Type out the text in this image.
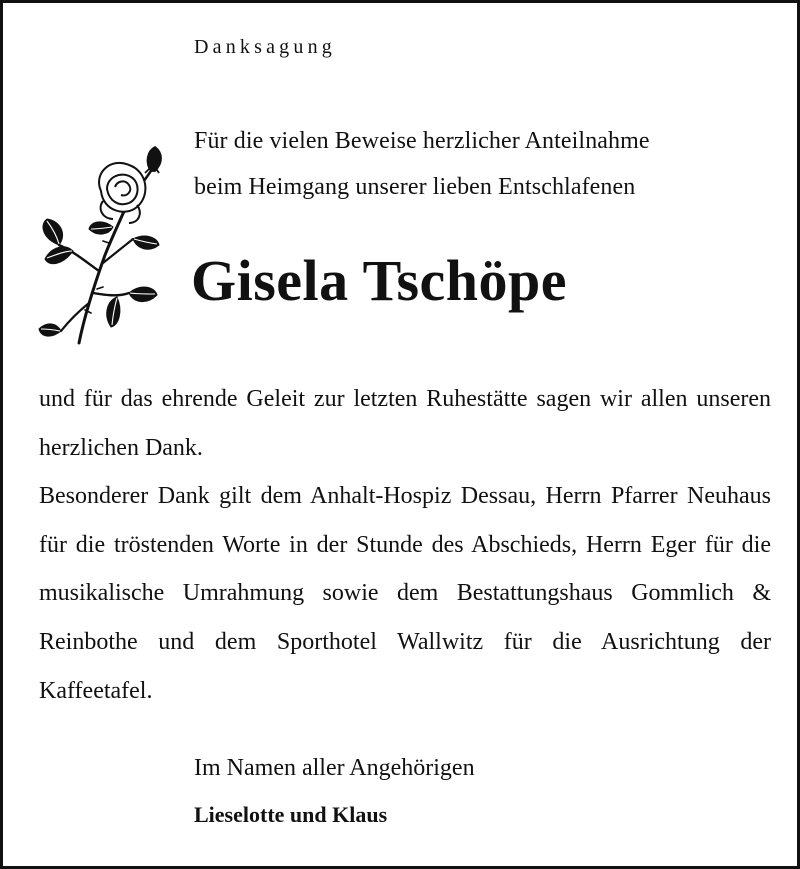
Danksagung
Für die vielen Beweise herzlicher Anteilnahme
beim Heimgang unserer lieben Entschlafenen
Gisela Tschöpe

und für das ehrende Geleit zur letzten Ruhestätte sagen wir allen unseren herzlichen Dank.

Besonderer Dank gilt dem Anhalt-Hospiz Dessau, Herrn Pfarrer Neuhaus für die tröstenden Worte in der Stunde des Abschieds, Herrn Eger für die musikalische Umrahmung sowie dem Bestattungshaus Gommlich & Reinbothe und dem Sporthotel Wallwitz für die Ausrichtung der Kaffeetafel.

Im Namen aller Angehörigen
Lieselotte und Klaus
